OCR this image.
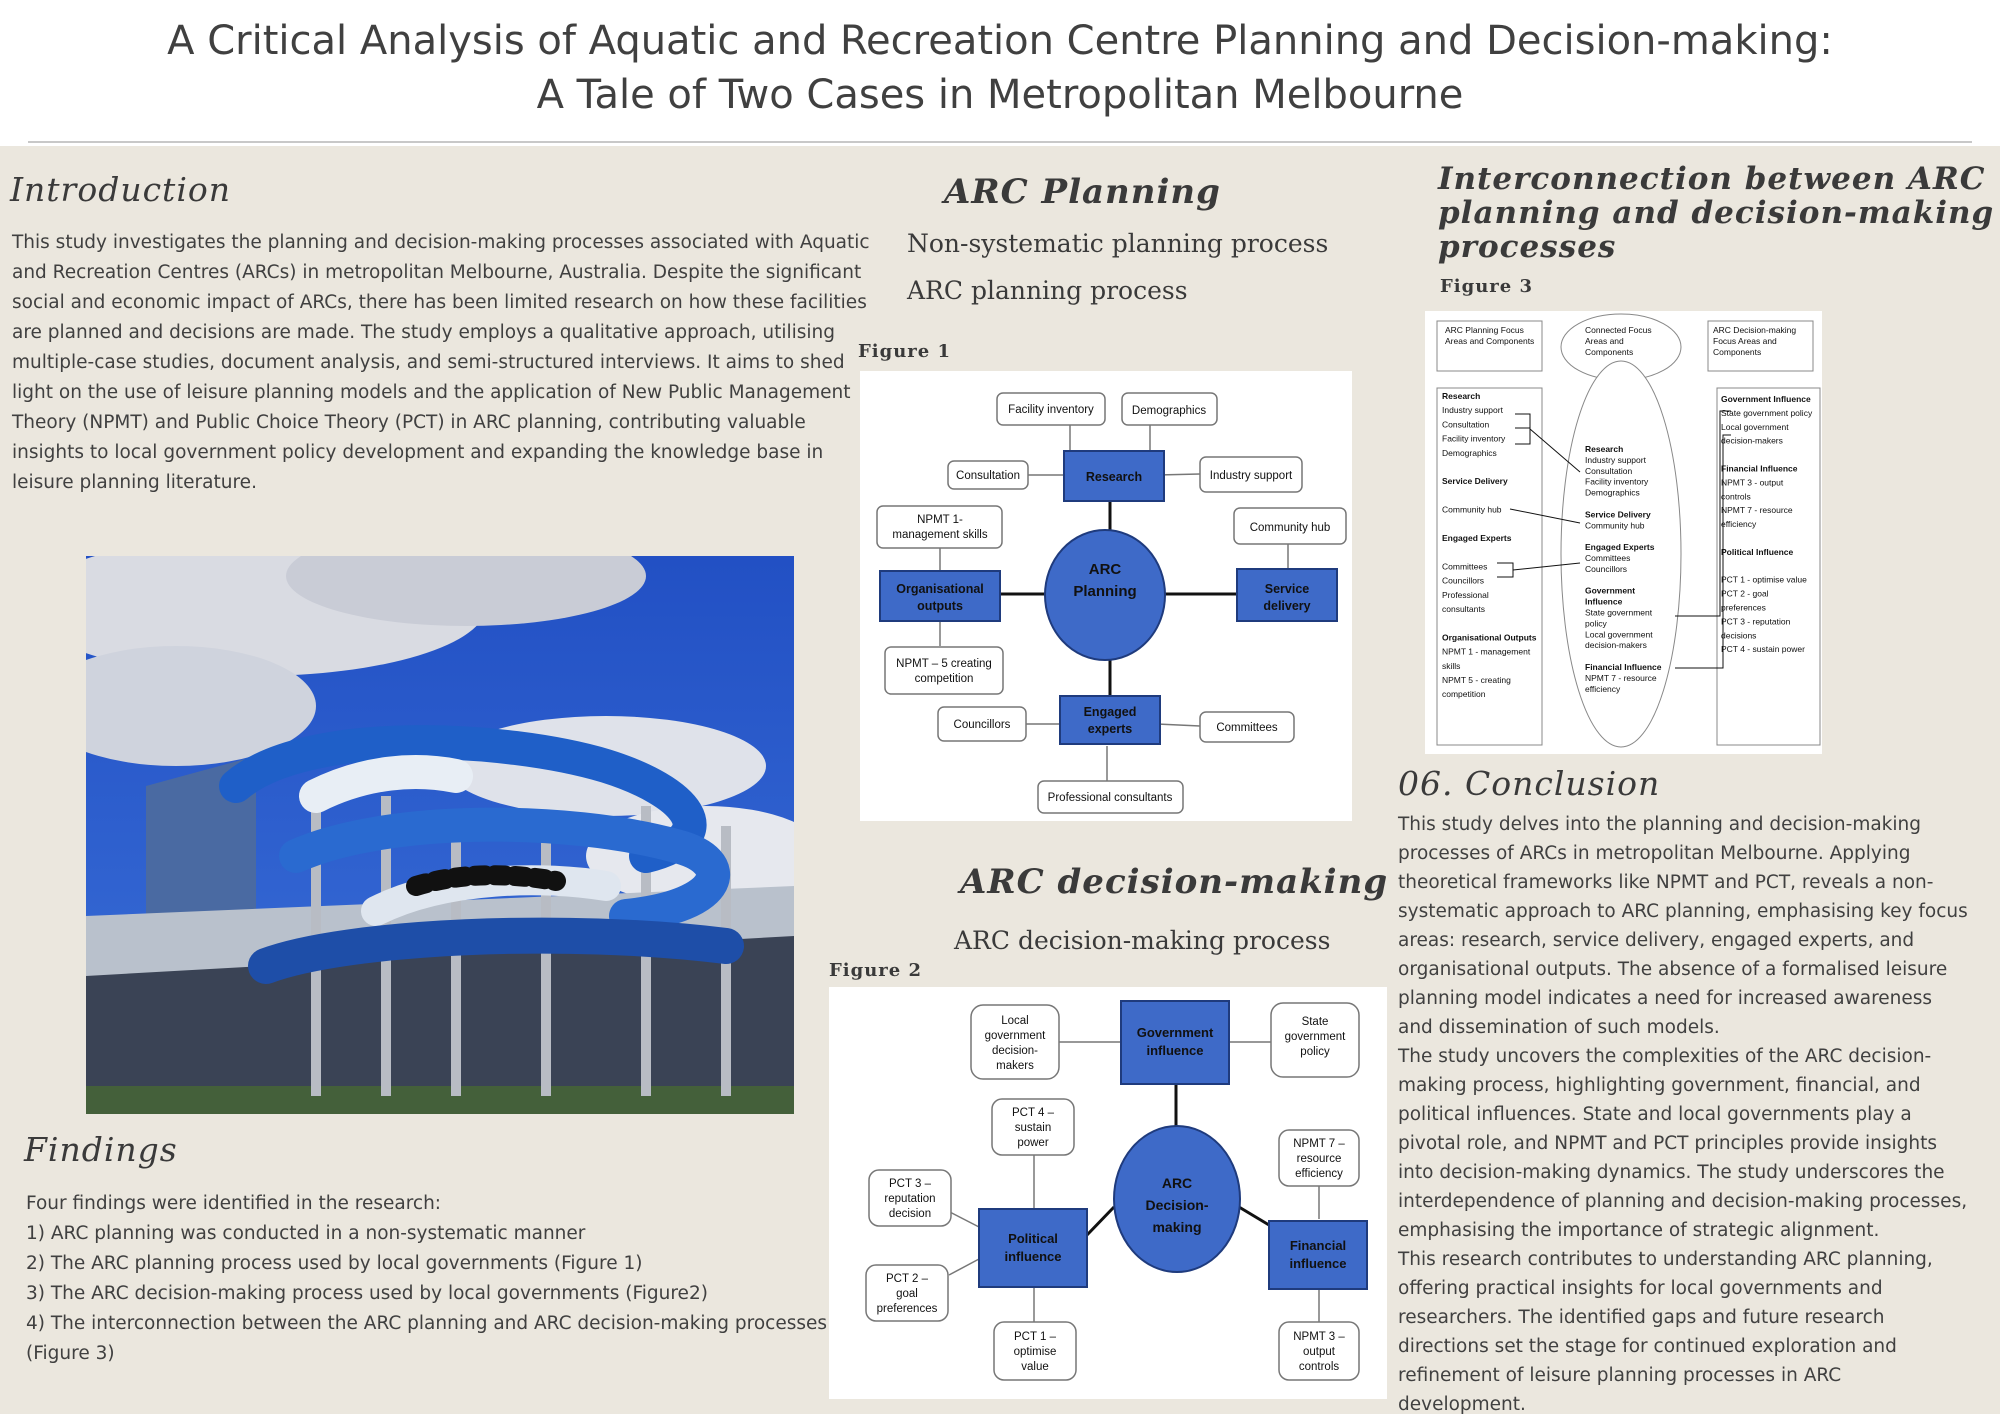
A Critical Analysis of Aquatic and Recreation Centre Planning and Decision-making:
A Tale of Two Cases in Metropolitan Melbourne
Introduction
This study investigates the planning and decision-making processes associated with Aquatic
and Recreation Centres (ARCs) in metropolitan Melbourne, Australia. Despite the significant
social and economic impact of ARCs, there has been limited research on how these facilities
are planned and decisions are made. The study employs a qualitative approach, utilising
multiple-case studies, document analysis, and semi-structured interviews. It aims to shed
light on the use of leisure planning models and the application of New Public Management
Theory (NPMT) and Public Choice Theory (PCT) in ARC planning, contributing valuable
insights to local government policy development and expanding the knowledge base in
leisure planning literature.
Findings
Four findings were identified in the research:
1) ARC planning was conducted in a non-systematic manner
2) The ARC planning process used by local governments (Figure 1)
3) The ARC decision-making process used by local governments (Figure2)
4) The interconnection between the ARC planning and ARC decision-making processes
(Figure 3)
ARC Planning
Non-systematic planning process
ARC planning process
Figure 1
Research
Organisational
outputs
Service
delivery
Engaged
experts
ARC
Planning
Facility inventory	Demographics
Consultation	Industry support
NPMT 1-
management skills
Community hub
NPMT – 5 creating
competition
Councillors	Committees
Professional consultants
ARC decision-making
ARC decision-making process
Figure 2
Government
influence
Political
influence
Financial
influence
ARC
Decision-
making
Local
government
decision-
makers
State
government
policy
PCT 4 –
sustain
power
PCT 3 –
reputation
decision
PCT 2 –
goal
preferences
PCT 1 –
optimise
value
NPMT 7 –
resource
efficiency
NPMT 3 –
output
controls
Interconnection between ARC
planning and decision-making
processes
Figure 3
ARC Planning Focus
Areas and Components
Connected Focus
Areas and
Components
ARC Decision-making
Focus Areas and
Components
Research
Industry support
Consultation
Facility inventory
Demographics
Service Delivery
Community hub
Engaged Experts
Committees
Councillors
Professional
consultants
Organisational Outputs
NPMT 1 - management
skills
NPMT 5 - creating
competition
Research
Industry support
Consultation
Facility inventory
Demographics
Service Delivery
Community hub
Engaged Experts
Committees
Councillors
Government
Influence
State government
policy
Local government
decision-makers
Financial Influence
NPMT 7 - resource
efficiency
Government Influence
State government policy
Local government
decision-makers
Financial Influence
NPMT 3 - output
controls
NPMT 7 - resource
efficiency
Political Influence
PCT 1 - optimise value
PCT 2 - goal
preferences
PCT 3 - reputation
decisions
PCT 4 - sustain power
06. Conclusion
This study delves into the planning and decision-making
processes of ARCs in metropolitan Melbourne. Applying
theoretical frameworks like NPMT and PCT, reveals a non-
systematic approach to ARC planning, emphasising key focus
areas: research, service delivery, engaged experts, and
organisational outputs. The absence of a formalised leisure
planning model indicates a need for increased awareness
and dissemination of such models.
The study uncovers the complexities of the ARC decision-
making process, highlighting government, financial, and
political influences. State and local governments play a
pivotal role, and NPMT and PCT principles provide insights
into decision-making dynamics. The study underscores the
interdependence of planning and decision-making processes,
emphasising the importance of strategic alignment.
This research contributes to understanding ARC planning,
offering practical insights for local governments and
researchers. The identified gaps and future research
directions set the stage for continued exploration and
refinement of leisure planning processes in ARC
development.
